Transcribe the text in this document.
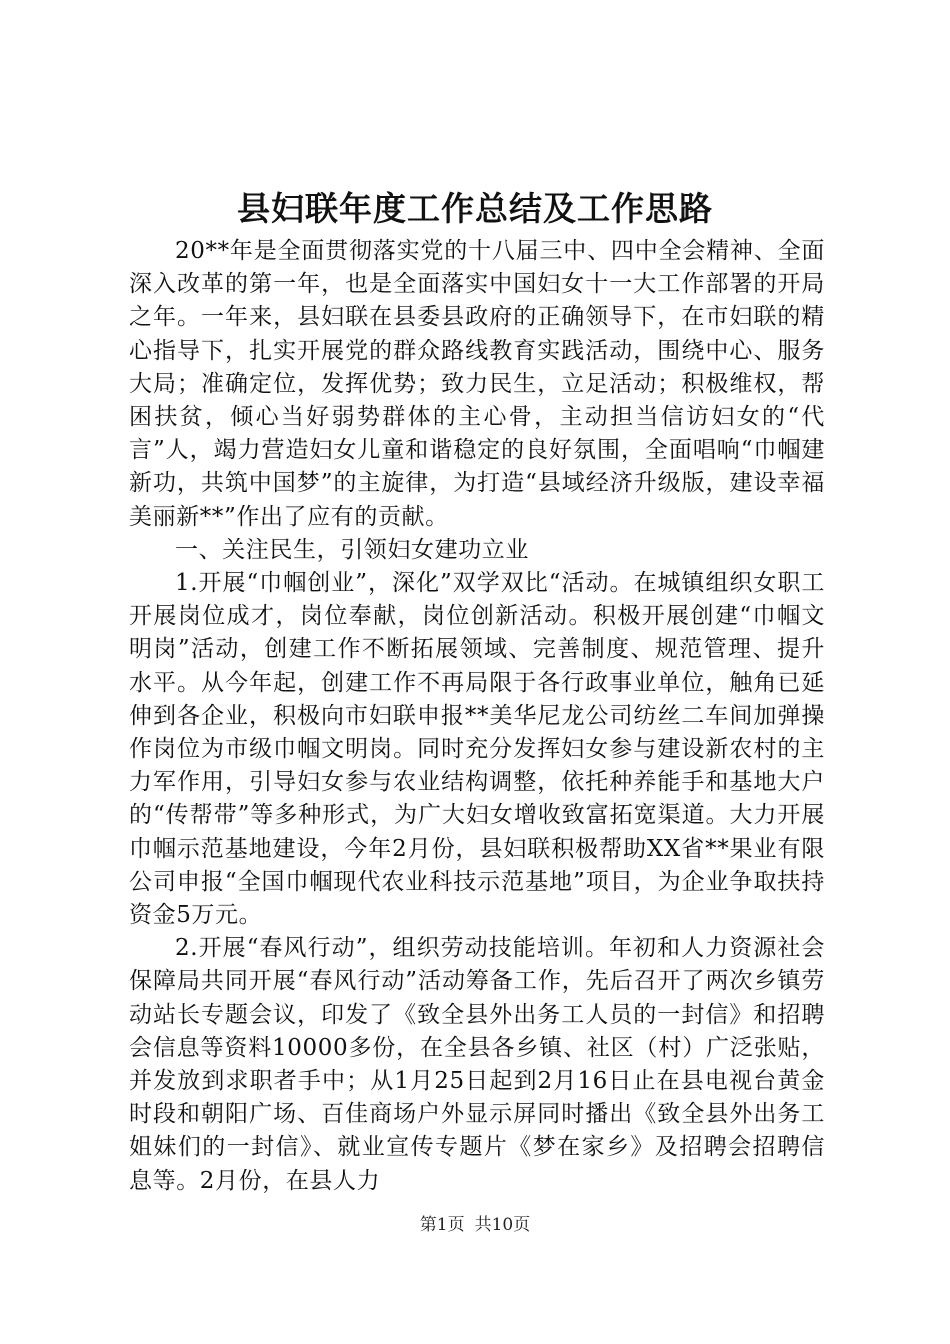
县妇联年度工作总结及工作思路

20**年是全面贯彻落实党的十八届三中、四中全会精神、全面深入改革的第一年，也是全面落实中国妇女十一大工作部署的开局之年。一年来，县妇联在县委县政府的正确领导下，在市妇联的精心指导下，扎实开展党的群众路线教育实践活动，围绕中心、服务大局；准确定位，发挥优势；致力民生，立足活动；积极维权，帮困扶贫，倾心当好弱势群体的主心骨，主动担当信访妇女的“代言”人，竭力营造妇女儿童和谐稳定的良好氛围，全面唱响“巾帼建新功，共筑中国梦”的主旋律，为打造“县域经济升级版，建设幸福美丽新**”作出了应有的贡献。

一、关注民生，引领妇女建功立业

1.开展“巾帼创业”，深化”双学双比“活动。在城镇组织女职工开展岗位成才，岗位奉献，岗位创新活动。积极开展创建“巾帼文明岗”活动，创建工作不断拓展领域、完善制度、规范管理、提升水平。从今年起，创建工作不再局限于各行政事业单位，触角已延伸到各企业，积极向市妇联申报**美华尼龙公司纺丝二车间加弹操作岗位为市级巾帼文明岗。同时充分发挥妇女参与建设新农村的主力军作用，引导妇女参与农业结构调整，依托种养能手和基地大户的“传帮带”等多种形式，为广大妇女增收致富拓宽渠道。大力开展巾帼示范基地建设，今年2月份，县妇联积极帮助XX省**果业有限公司申报“全国巾帼现代农业科技示范基地”项目，为企业争取扶持资金5万元。

2.开展“春风行动”，组织劳动技能培训。年初和人力资源社会保障局共同开展“春风行动”活动筹备工作，先后召开了两次乡镇劳动站长专题会议，印发了《致全县外出务工人员的一封信》和招聘会信息等资料10000多份，在全县各乡镇、社区（村）广泛张贴，并发放到求职者手中；从1月25日起到2月16日止在县电视台黄金时段和朝阳广场、百佳商场户外显示屏同时播出《致全县外出务工姐妹们的一封信》、就业宣传专题片《梦在家乡》及招聘会招聘信息等。2月份，在县人力

第1页 共10页
